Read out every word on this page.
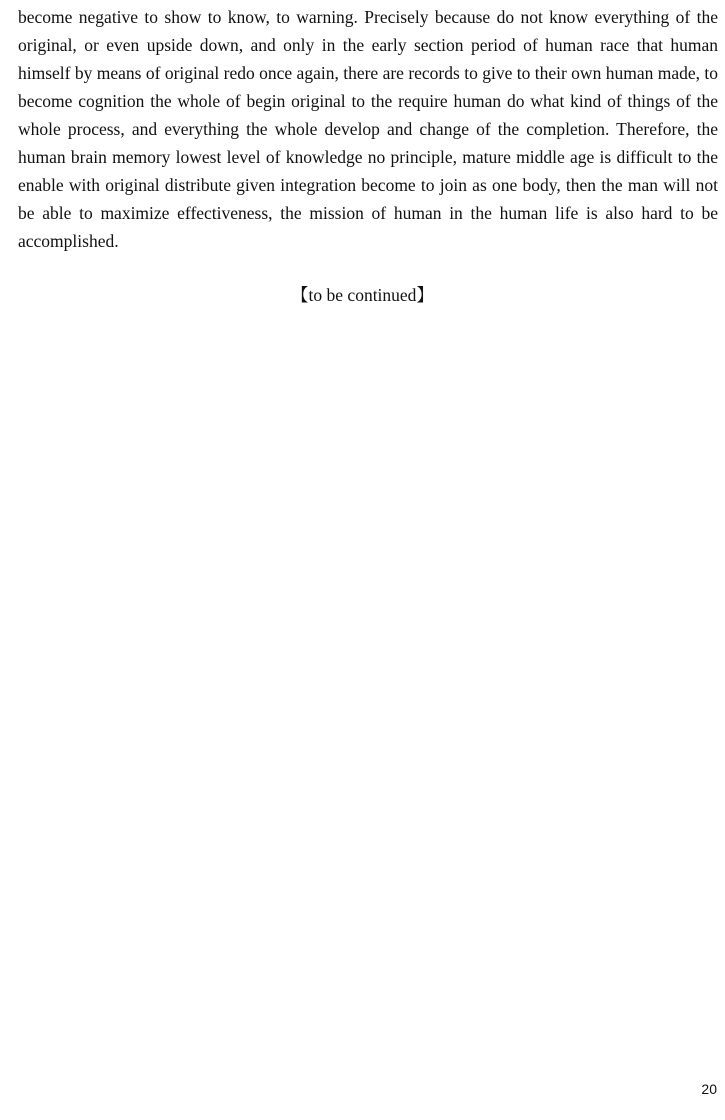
become negative to show to know, to warning. Precisely because do not know everything of the original, or even upside down, and only in the early section period of human race that human himself by means of original redo once again, there are records to give to their own human made, to become cognition the whole of begin original to the require human do what kind of things of the whole process, and everything the whole develop and change of the completion. Therefore, the human brain memory lowest level of knowledge no principle, mature middle age is difficult to the enable with original distribute given integration become to join as one body, then the man will not be able to maximize effectiveness, the mission of human in the human life is also hard to be accomplished.

【to be continued】

20
